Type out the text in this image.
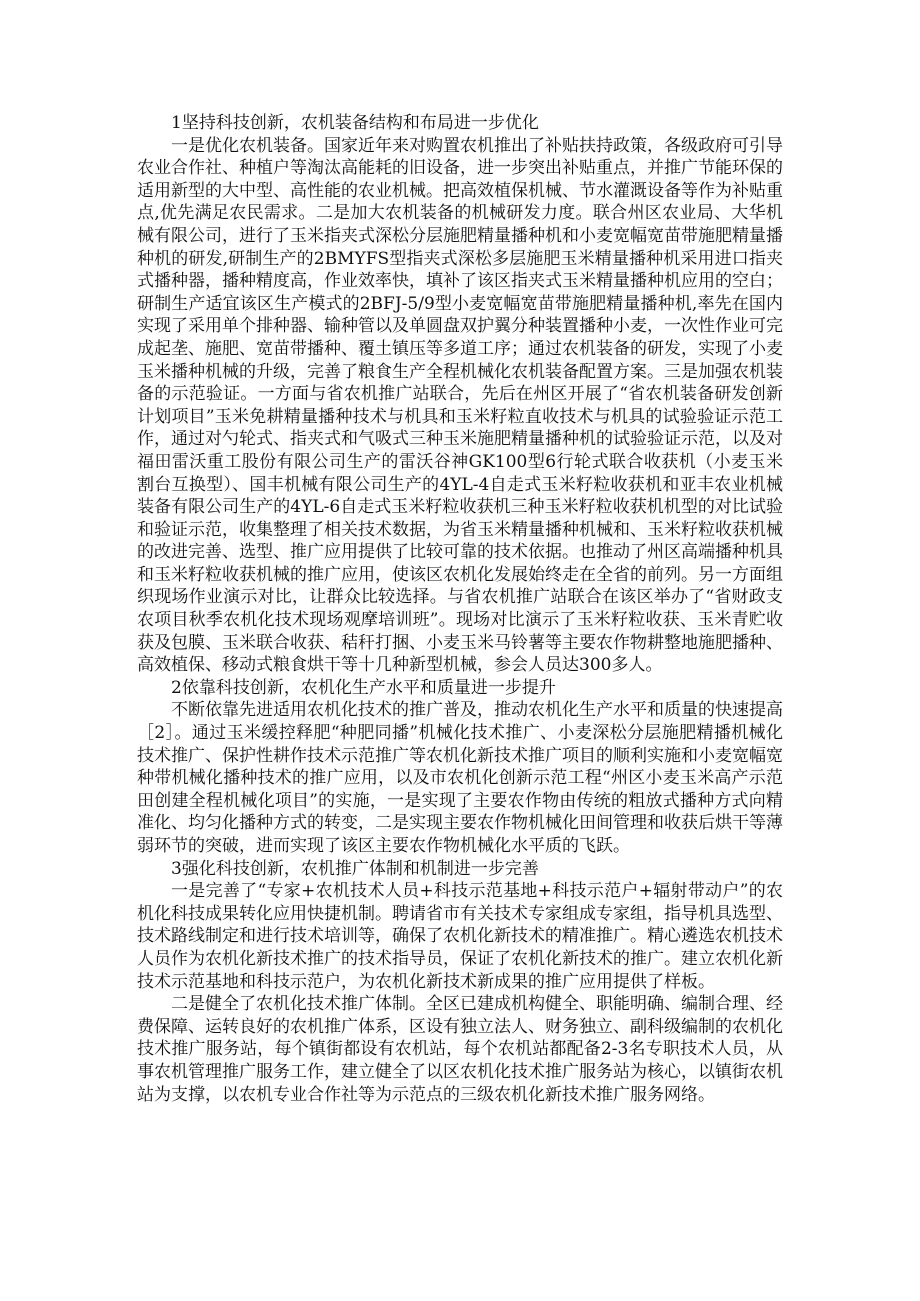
1坚持科技创新，农机装备结构和布局进一步优化

一是优化农机装备。国家近年来对购置农机推出了补贴扶持政策，各级政府可引导农业合作社、种植户等淘汰高能耗的旧设备，进一步突出补贴重点，并推广节能环保的适用新型的大中型、高性能的农业机械。把高效植保机械、节水灌溉设备等作为补贴重点,优先满足农民需求。二是加大农机装备的机械研发力度。联合州区农业局、大华机械有限公司，进行了玉米指夹式深松分层施肥精量播种机和小麦宽幅宽苗带施肥精量播种机的研发,研制生产的2BMYFS型指夹式深松多层施肥玉米精量播种机采用进口指夹式播种器，播种精度高，作业效率快，填补了该区指夹式玉米精量播种机应用的空白；研制生产适宜该区生产模式的2BFJ-5/9型小麦宽幅宽苗带施肥精量播种机,率先在国内实现了采用单个排种器、输种管以及单圆盘双护翼分种装置播种小麦，一次性作业可完成起垄、施肥、宽苗带播种、覆土镇压等多道工序；通过农机装备的研发，实现了小麦玉米播种机械的升级，完善了粮食生产全程机械化农机装备配置方案。三是加强农机装备的示范验证。一方面与省农机推广站联合，先后在州区开展了“省农机装备研发创新计划项目”玉米免耕精量播种技术与机具和玉米籽粒直收技术与机具的试验验证示范工作，通过对勺轮式、指夹式和气吸式三种玉米施肥精量播种机的试验验证示范，以及对福田雷沃重工股份有限公司生产的雷沃谷神GK100型6行轮式联合收获机（小麦玉米割台互换型）、国丰机械有限公司生产的4YL-4自走式玉米籽粒收获机和亚丰农业机械装备有限公司生产的4YL-6自走式玉米籽粒收获机三种玉米籽粒收获机机型的对比试验和验证示范，收集整理了相关技术数据，为省玉米精量播种机械和、玉米籽粒收获机械的改进完善、选型、推广应用提供了比较可靠的技术依据。也推动了州区高端播种机具和玉米籽粒收获机械的推广应用，使该区农机化发展始终走在全省的前列。另一方面组织现场作业演示对比，让群众比较选择。与省农机推广站联合在该区举办了“省财政支农项目秋季农机化技术现场观摩培训班”。现场对比演示了玉米籽粒收获、玉米青贮收获及包膜、玉米联合收获、秸秆打捆、小麦玉米马铃薯等主要农作物耕整地施肥播种、高效植保、移动式粮食烘干等十几种新型机械，参会人员达300多人。

2依靠科技创新，农机化生产水平和质量进一步提升

不断依靠先进适用农机化技术的推广普及，推动农机化生产水平和质量的快速提高［2］。通过玉米缓控释肥“种肥同播”机械化技术推广、小麦深松分层施肥精播机械化技术推广、保护性耕作技术示范推广等农机化新技术推广项目的顺利实施和小麦宽幅宽种带机械化播种技术的推广应用，以及市农机化创新示范工程“州区小麦玉米高产示范田创建全程机械化项目”的实施，一是实现了主要农作物由传统的粗放式播种方式向精准化、均匀化播种方式的转变，二是实现主要农作物机械化田间管理和收获后烘干等薄弱环节的突破，进而实现了该区主要农作物机械化水平质的飞跃。

3强化科技创新，农机推广体制和机制进一步完善

一是完善了“专家+农机技术人员+科技示范基地+科技示范户+辐射带动户”的农机化科技成果转化应用快捷机制。聘请省市有关技术专家组成专家组，指导机具选型、技术路线制定和进行技术培训等，确保了农机化新技术的精准推广。精心遴选农机技术人员作为农机化新技术推广的技术指导员，保证了农机化新技术的推广。建立农机化新技术示范基地和科技示范户，为农机化新技术新成果的推广应用提供了样板。

二是健全了农机化技术推广体制。全区已建成机构健全、职能明确、编制合理、经费保障、运转良好的农机推广体系，区设有独立法人、财务独立、副科级编制的农机化技术推广服务站，每个镇街都设有农机站，每个农机站都配备2-3名专职技术人员，从事农机管理推广服务工作，建立健全了以区农机化技术推广服务站为核心，以镇街农机站为支撑，以农机专业合作社等为示范点的三级农机化新技术推广服务网络。
